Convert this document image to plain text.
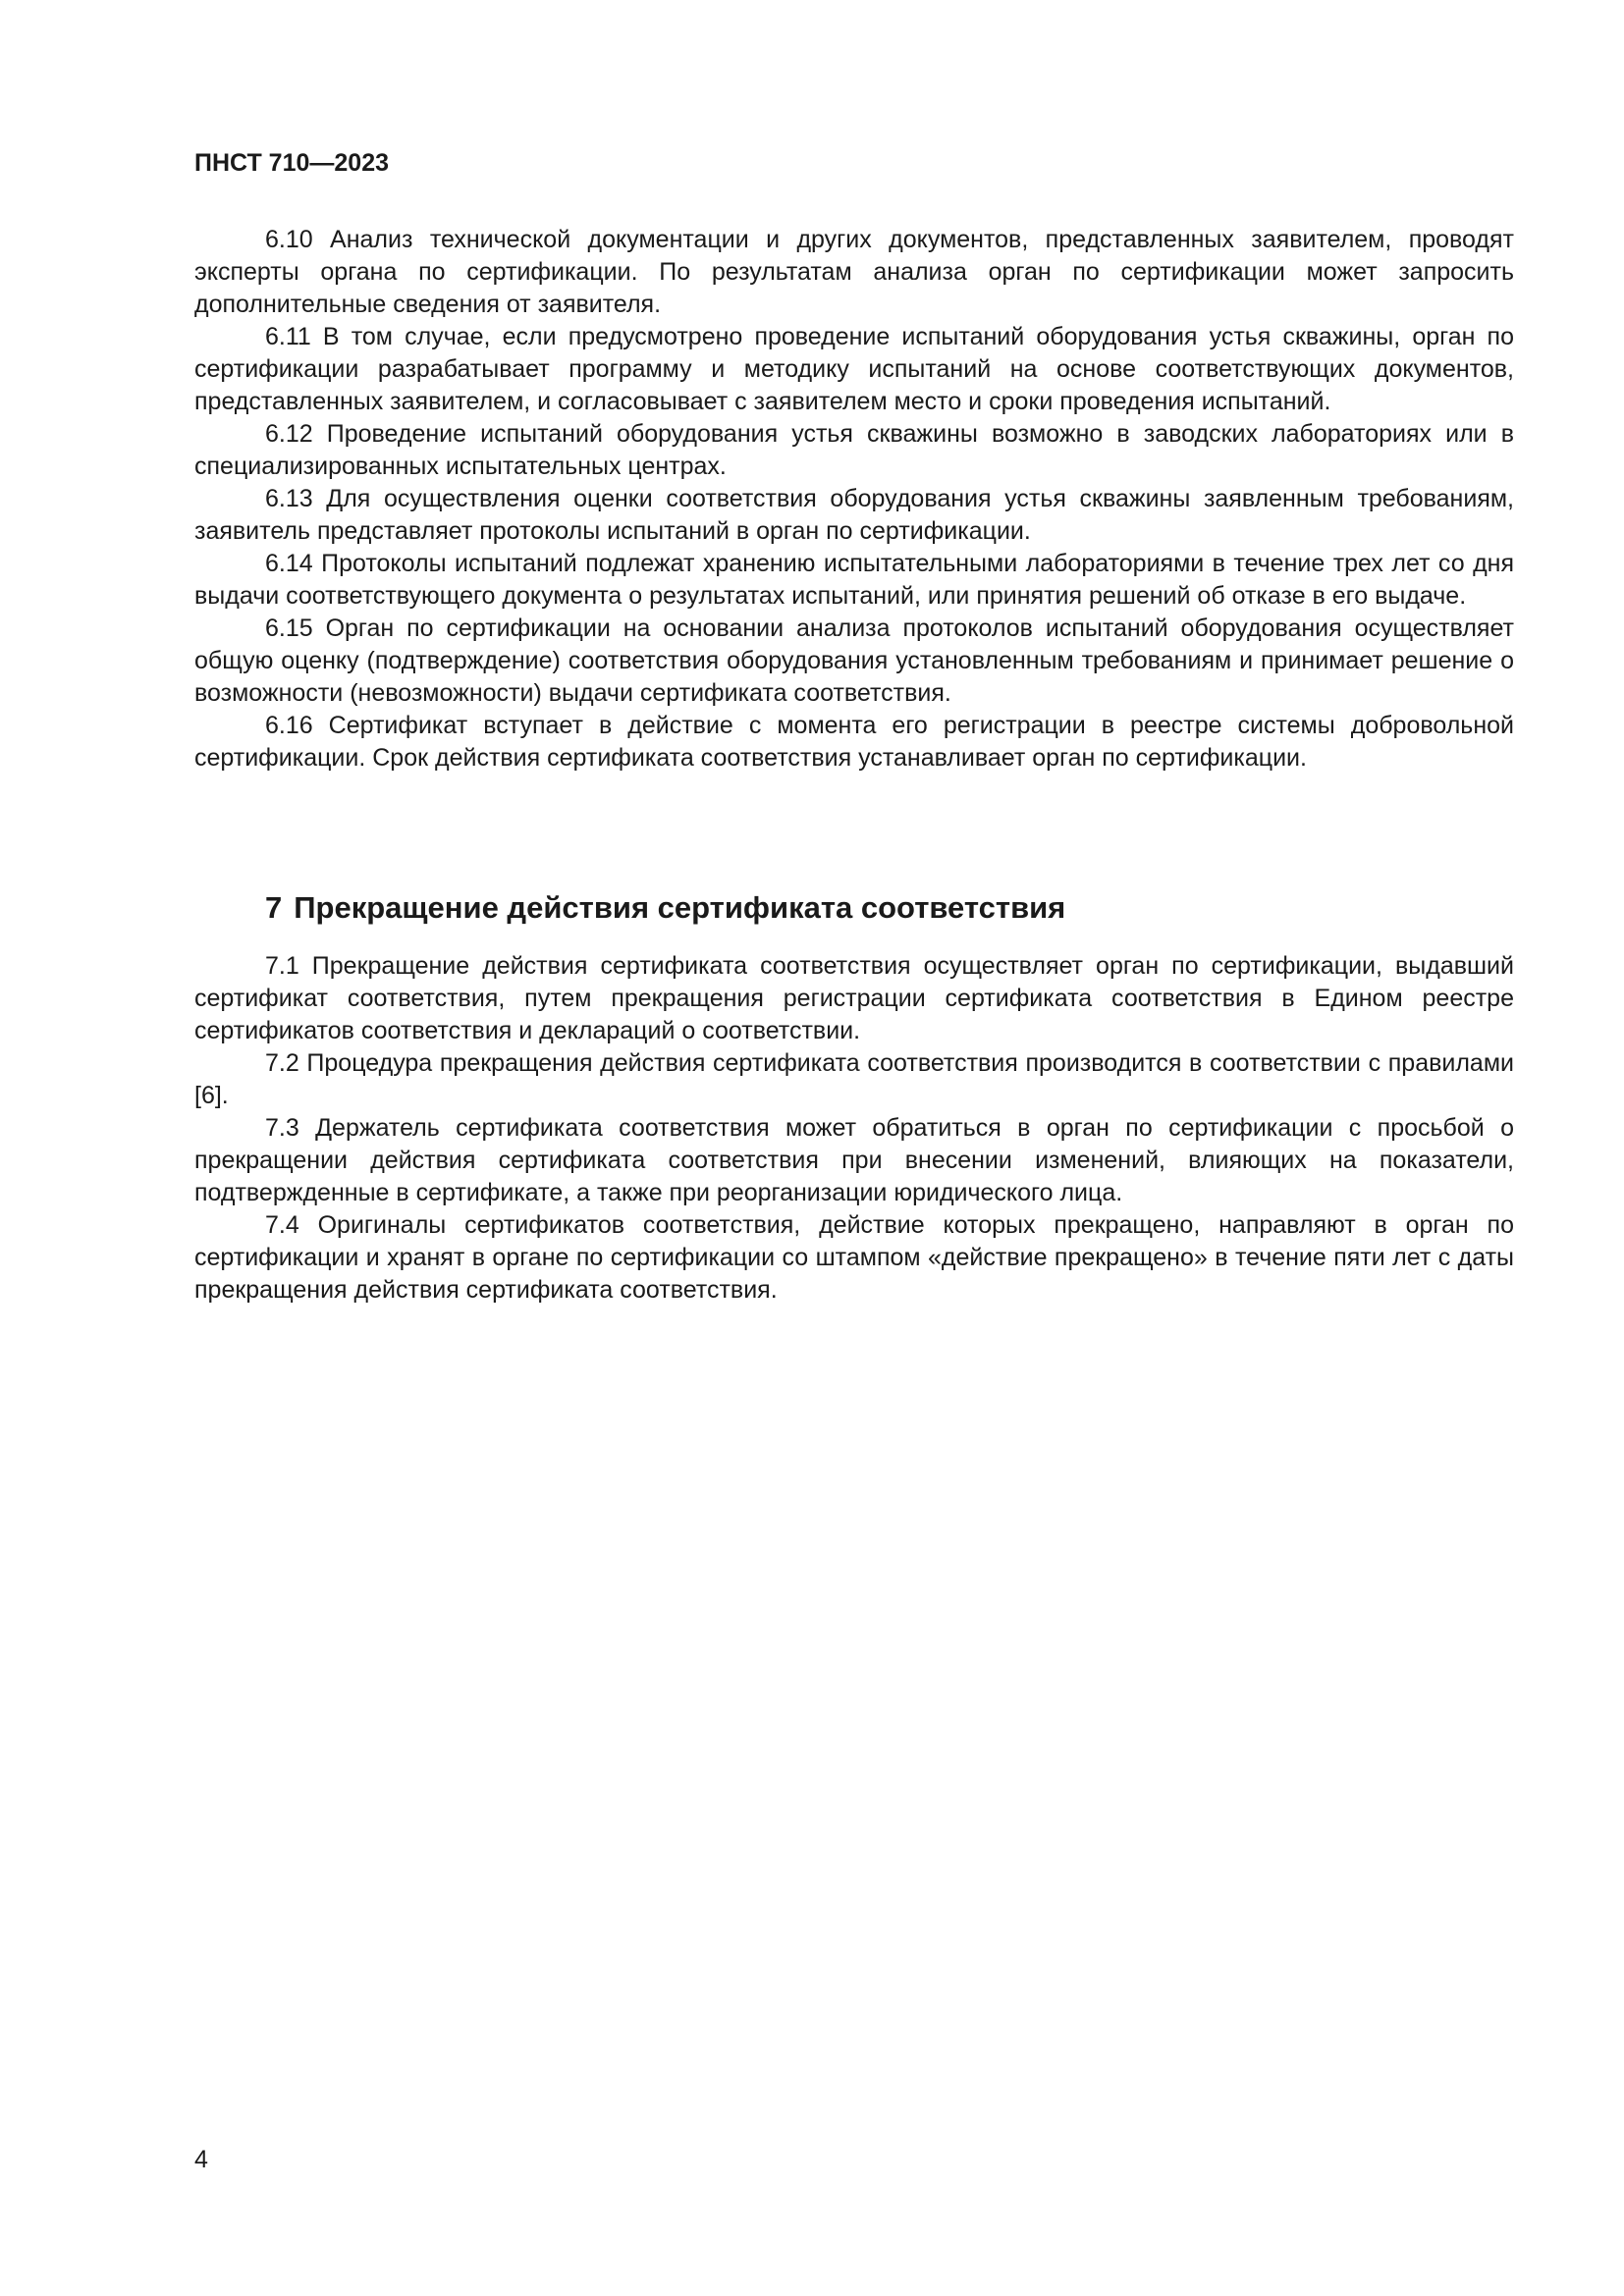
ПНСТ 710—2023

6.10 Анализ технической документации и других документов, представленных заявителем, проводят эксперты органа по сертификации. По результатам анализа орган по сертификации может запросить дополнительные сведения от заявителя.

6.11 В том случае, если предусмотрено проведение испытаний оборудования устья скважины, орган по сертификации разрабатывает программу и методику испытаний на основе соответствующих документов, представленных заявителем, и согласовывает с заявителем место и сроки проведения испытаний.

6.12 Проведение испытаний оборудования устья скважины возможно в заводских лабораториях или в специализированных испытательных центрах.

6.13 Для осуществления оценки соответствия оборудования устья скважины заявленным требованиям, заявитель представляет протоколы испытаний в орган по сертификации.

6.14 Протоколы испытаний подлежат хранению испытательными лабораториями в течение трех лет со дня выдачи соответствующего документа о результатах испытаний, или принятия решений об отказе в его выдаче.

6.15 Орган по сертификации на основании анализа протоколов испытаний оборудования осуществляет общую оценку (подтверждение) соответствия оборудования установленным требованиям и принимает решение о возможности (невозможности) выдачи сертификата соответствия.

6.16 Сертификат вступает в действие с момента его регистрации в реестре системы добровольной сертификации. Срок действия сертификата соответствия устанавливает орган по сертификации.

7 Прекращение действия сертификата соответствия

7.1 Прекращение действия сертификата соответствия осуществляет орган по сертификации, выдавший сертификат соответствия, путем прекращения регистрации сертификата соответствия в Едином реестре сертификатов соответствия и деклараций о соответствии.

7.2 Процедура прекращения действия сертификата соответствия производится в соответствии с правилами [6].

7.3 Держатель сертификата соответствия может обратиться в орган по сертификации с просьбой о прекращении действия сертификата соответствия при внесении изменений, влияющих на показатели, подтвержденные в сертификате, а также при реорганизации юридического лица.

7.4 Оригиналы сертификатов соответствия, действие которых прекращено, направляют в орган по сертификации и хранят в органе по сертификации со штампом «действие прекращено» в течение пяти лет с даты прекращения действия сертификата соответствия.

4
